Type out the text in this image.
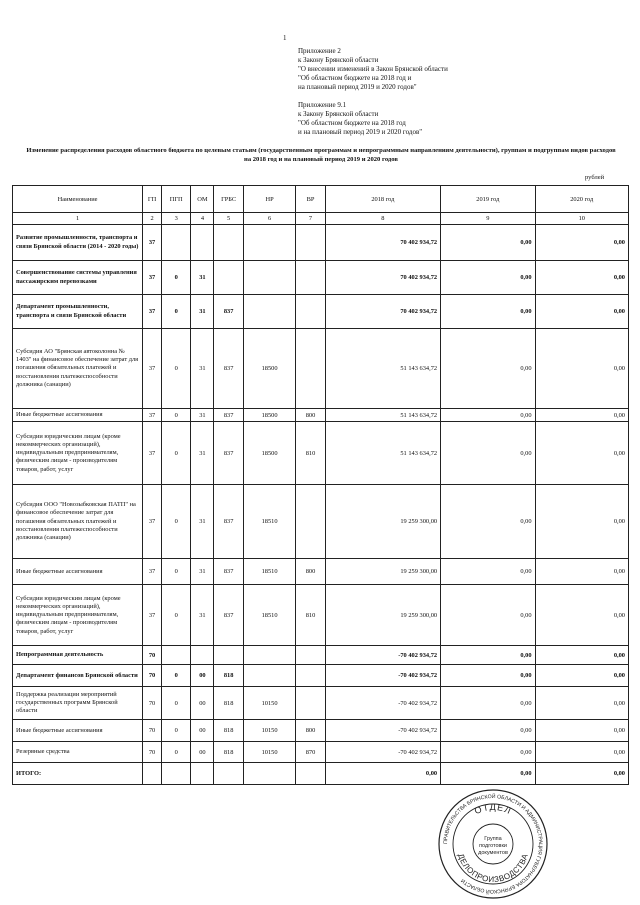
1
Приложение 2
к Закону Брянской области
"О внесении изменений в Закон Брянской области
"Об областном бюджете на 2018 год и
на плановый период 2019 и 2020 годов"
Приложение 9.1
к Закону Брянской области
"Об областном бюджете на 2018 год
и на плановый период 2019 и 2020 годов"
Изменение распределения расходов областного бюджета по целевым статьям (государственным программам и непрограммным направлениям деятельности), группам и подгруппам видов расходов на 2018 год и на плановый период 2019 и 2020 годов
рублей
Наименование	ГП	ПГП	ОМ	ГРБС	НР	ВР	2018 год	2019 год	2020 год
1	2	3	4	5	6	7	8	9	10
Развитие промышленности, транспорта и связи Брянской области (2014 - 2020 годы)	37						70 402 934,72	0,00	0,00
Совершенствование системы управления пассажирским перевозками	37	0	31				70 402 934,72	0,00	0,00
Департамент промышленности, транспорта и связи Брянской области	37	0	31	837			70 402 934,72	0,00	0,00
Субсидия АО "Брянская автоколонна № 1403" на финансовое обеспечение затрат для погашения обязательных платежей и восстановления платежеспособности должника (санации)	37	0	31	837	18500		51 143 634,72	0,00	0,00
Иные бюджетные ассигнования	37	0	31	837	18500	800	51 143 634,72	0,00	0,00
Субсидии юридическим лицам (кроме некоммерческих организаций), индивидуальным предпринимателям, физическим лицам - производителям товаров, работ, услуг	37	0	31	837	18500	810	51 143 634,72	0,00	0,00
Субсидия ООО "Новозыбковская ПАТП" на финансовое обеспечение затрат для погашения обязательных платежей и восстановления платежеспособности должника (санации)	37	0	31	837	18510		19 259 300,00	0,00	0,00
Иные бюджетные ассигнования	37	0	31	837	18510	800	19 259 300,00	0,00	0,00
Субсидии юридическим лицам (кроме некоммерческих организаций), индивидуальным предпринимателям, физическим лицам - производителям товаров, работ, услуг	37	0	31	837	18510	810	19 259 300,00	0,00	0,00
Непрограммная деятельность	70						-70 402 934,72	0,00	0,00
Департамент финансов Брянской области	70	0	00	818			-70 402 934,72	0,00	0,00
Поддержка реализации мероприятий государственных программ Брянской области	70	0	00	818	10150		-70 402 934,72	0,00	0,00
Иные бюджетные ассигнования	70	0	00	818	10150	800	-70 402 934,72	0,00	0,00
Резервные средства	70	0	00	818	10150	870	-70 402 934,72	0,00	0,00
ИТОГО:							0,00	0,00	0,00
ПРАВИТЕЛЬСТВА БРЯНСКОЙ ОБЛАСТИ И АДМИНИСТРАЦИЯ ГУБЕРНАТОРА БРЯНСКОЙ ОБЛАСТИ
ОТДЕЛ
ДЕЛОПРОИЗВОДСТВА
Группа
подготовки
документов
